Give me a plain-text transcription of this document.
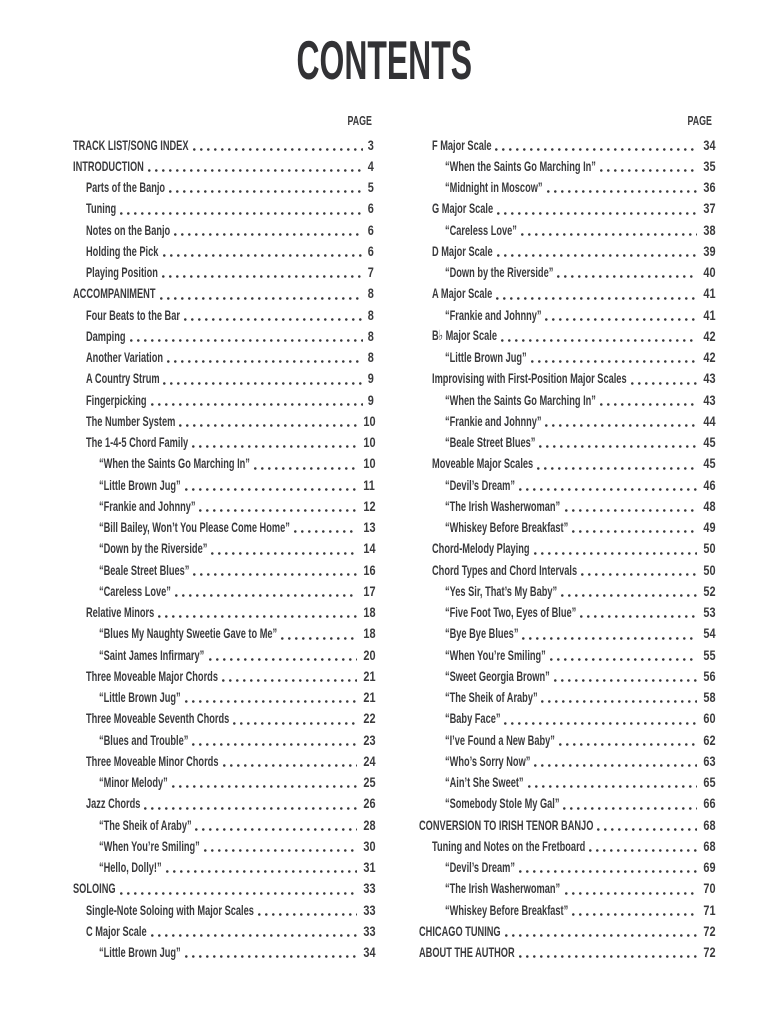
CONTENTS
PAGE
TRACK LIST/SONG INDEX	3
INTRODUCTION	4
Parts of the Banjo	5
Tuning	6
Notes on the Banjo	6
Holding the Pick	6
Playing Position	7
ACCOMPANIMENT	8
Four Beats to the Bar	8
Damping	8
Another Variation	8
A Country Strum	9
Fingerpicking	9
The Number System	10
The 1-4-5 Chord Family	10
“When the Saints Go Marching In”	10
“Little Brown Jug”	11
“Frankie and Johnny”	12
“Bill Bailey, Won’t You Please Come Home”	13
“Down by the Riverside”	14
“Beale Street Blues”	16
“Careless Love”	17
Relative Minors	18
“Blues My Naughty Sweetie Gave to Me”	18
“Saint James Infirmary”	20
Three Moveable Major Chords	21
“Little Brown Jug”	21
Three Moveable Seventh Chords	22
“Blues and Trouble”	23
Three Moveable Minor Chords	24
“Minor Melody”	25
Jazz Chords	26
“The Sheik of Araby”	28
“When You’re Smiling”	30
“Hello, Dolly!”	31
SOLOING	33
Single-Note Soloing with Major Scales	33
C Major Scale	33
“Little Brown Jug”	34
PAGE
F Major Scale	34
“When the Saints Go Marching In”	35
“Midnight in Moscow”	36
G Major Scale	37
“Careless Love”	38
D Major Scale	39
“Down by the Riverside”	40
A Major Scale	41
“Frankie and Johnny”	41
B♭ Major Scale	42
“Little Brown Jug”	42
Improvising with First-Position Major Scales	43
“When the Saints Go Marching In”	43
“Frankie and Johnny”	44
“Beale Street Blues”	45
Moveable Major Scales	45
“Devil’s Dream”	46
“The Irish Washerwoman”	48
“Whiskey Before Breakfast”	49
Chord-Melody Playing	50
Chord Types and Chord Intervals	50
“Yes Sir, That’s My Baby”	52
“Five Foot Two, Eyes of Blue”	53
“Bye Bye Blues”	54
“When You’re Smiling”	55
“Sweet Georgia Brown”	56
“The Sheik of Araby”	58
“Baby Face”	60
“I’ve Found a New Baby”	62
“Who’s Sorry Now”	63
“Ain’t She Sweet”	65
“Somebody Stole My Gal”	66
CONVERSION TO IRISH TENOR BANJO	68
Tuning and Notes on the Fretboard	68
“Devil’s Dream”	69
“The Irish Washerwoman”	70
“Whiskey Before Breakfast”	71
CHICAGO TUNING	72
ABOUT THE AUTHOR	72
